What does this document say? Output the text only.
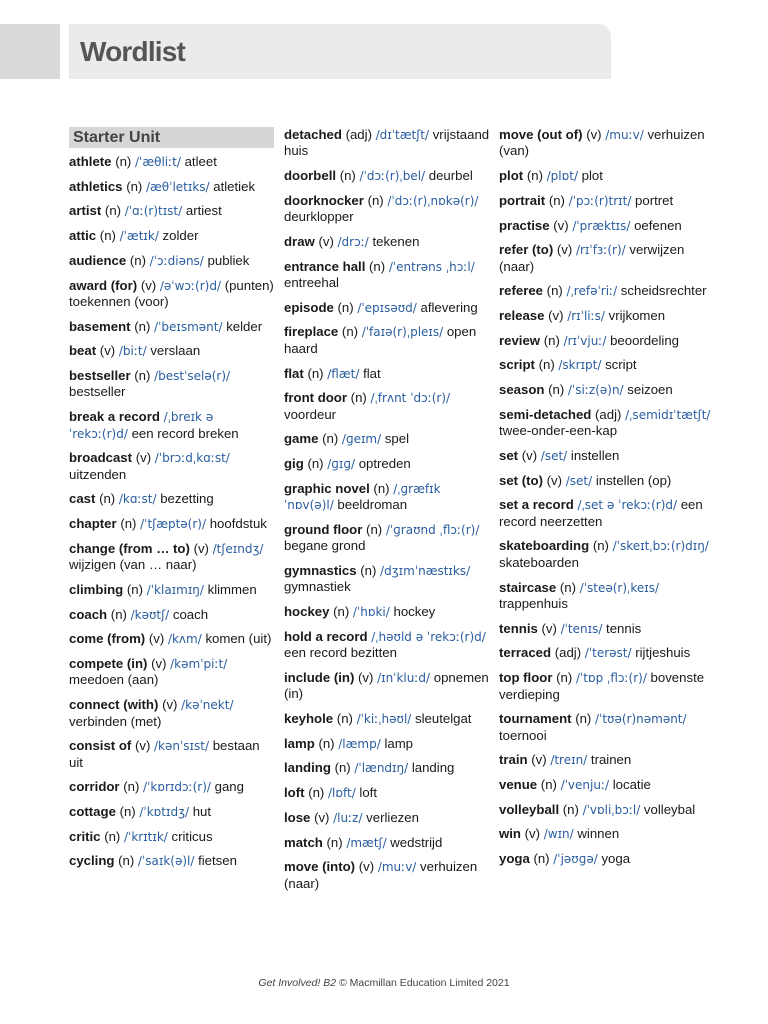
Wordlist
Starter Unit
athlete (n) /ˈæθliːt/ atleet
athletics (n) /æθˈletɪks/ atletiek
artist (n) /ˈɑː(r)tɪst/ artiest
attic (n) /ˈætɪk/ zolder
audience (n) /ˈɔːdiəns/ publiek
award (for) (v) /əˈwɔː(r)d/ (punten) toekennen (voor)
basement (n) /ˈbeɪsmənt/ kelder
beat (v) /biːt/ verslaan
bestseller (n) /bestˈselə(r)/ bestseller
break a record /ˌbreɪk ə ˈrekɔː(r)d/ een record breken
broadcast (v) /ˈbrɔːdˌkɑːst/ uitzenden
cast (n) /kɑːst/ bezetting
chapter (n) /ˈtʃæptə(r)/ hoofdstuk
change (from … to) (v) /tʃeɪndʒ/ wijzigen (van … naar)
climbing (n) /ˈklaɪmɪŋ/ klimmen
coach (n) /kəʊtʃ/ coach
come (from) (v) /kʌm/ komen (uit)
compete (in) (v) /kəmˈpiːt/ meedoen (aan)
connect (with) (v) /kəˈnekt/ verbinden (met)
consist of (v) /kənˈsɪst/ bestaan uit
corridor (n) /ˈkɒrɪdɔː(r)/ gang
cottage (n) /ˈkɒtɪdʒ/ hut
critic (n) /ˈkrɪtɪk/ criticus
cycling (n) /ˈsaɪk(ə)l/ fietsen
detached (adj) /dɪˈtætʃt/ vrijstaand huis
doorbell (n) /ˈdɔː(r)ˌbel/ deurbel
doorknocker (n) /ˈdɔː(r)ˌnɒkə(r)/ deurklopper
draw (v) /drɔː/ tekenen
entrance hall (n) /ˈentrəns ˌhɔːl/ entreehal
episode (n) /ˈepɪsəʊd/ aflevering
fireplace (n) /ˈfaɪə(r)ˌpleɪs/ open haard
flat (n) /flæt/ flat
front door (n) /ˌfrʌnt ˈdɔː(r)/ voordeur
game (n) /ɡeɪm/ spel
gig (n) /ɡɪɡ/ optreden
graphic novel (n) /ˌɡræfɪk ˈnɒv(ə)l/ beeldroman
ground floor (n) /ˈɡraʊnd ˌflɔː(r)/ begane grond
gymnastics (n) /dʒɪmˈnæstɪks/ gymnastiek
hockey (n) /ˈhɒki/ hockey
hold a record /ˌhəʊld ə ˈrekɔː(r)d/ een record bezitten
include (in) (v) /ɪnˈkluːd/ opnemen (in)
keyhole (n) /ˈkiːˌhəʊl/ sleutelgat
lamp (n) /læmp/ lamp
landing (n) /ˈlændɪŋ/ landing
loft (n) /lɒft/ loft
lose (v) /luːz/ verliezen
match (n) /mætʃ/ wedstrijd
move (into) (v) /muːv/ verhuizen (naar)
move (out of) (v) /muːv/ verhuizen (van)
plot (n) /plɒt/ plot
portrait (n) /ˈpɔː(r)trɪt/ portret
practise (v) /ˈpræktɪs/ oefenen
refer (to) (v) /rɪˈfɜː(r)/ verwijzen (naar)
referee (n) /ˌrefəˈriː/ scheidsrechter
release (v) /rɪˈliːs/ vrijkomen
review (n) /rɪˈvjuː/ beoordeling
script (n) /skrɪpt/ script
season (n) /ˈsiːz(ə)n/ seizoen
semi-detached (adj) /ˌsemidɪˈtætʃt/ twee-onder-een-kap
set (v) /set/ instellen
set (to) (v) /set/ instellen (op)
set a record /ˌset ə ˈrekɔː(r)d/ een record neerzetten
skateboarding (n) /ˈskeɪtˌbɔː(r)dɪŋ/ skateboarden
staircase (n) /ˈsteə(r)ˌkeɪs/ trappenhuis
tennis (v) /ˈtenɪs/ tennis
terraced (adj) /ˈterəst/ rijtjeshuis
top floor (n) /ˈtɒp ˌflɔː(r)/ bovenste verdieping
tournament (n) /ˈtʊə(r)nəmənt/ toernooi
train (v) /treɪn/ trainen
venue (n) /ˈvenjuː/ locatie
volleyball (n) /ˈvɒliˌbɔːl/ volleybal
win (v) /wɪn/ winnen
yoga (n) /ˈjəʊɡə/ yoga
Get Involved! B2 © Macmillan Education Limited 2021
